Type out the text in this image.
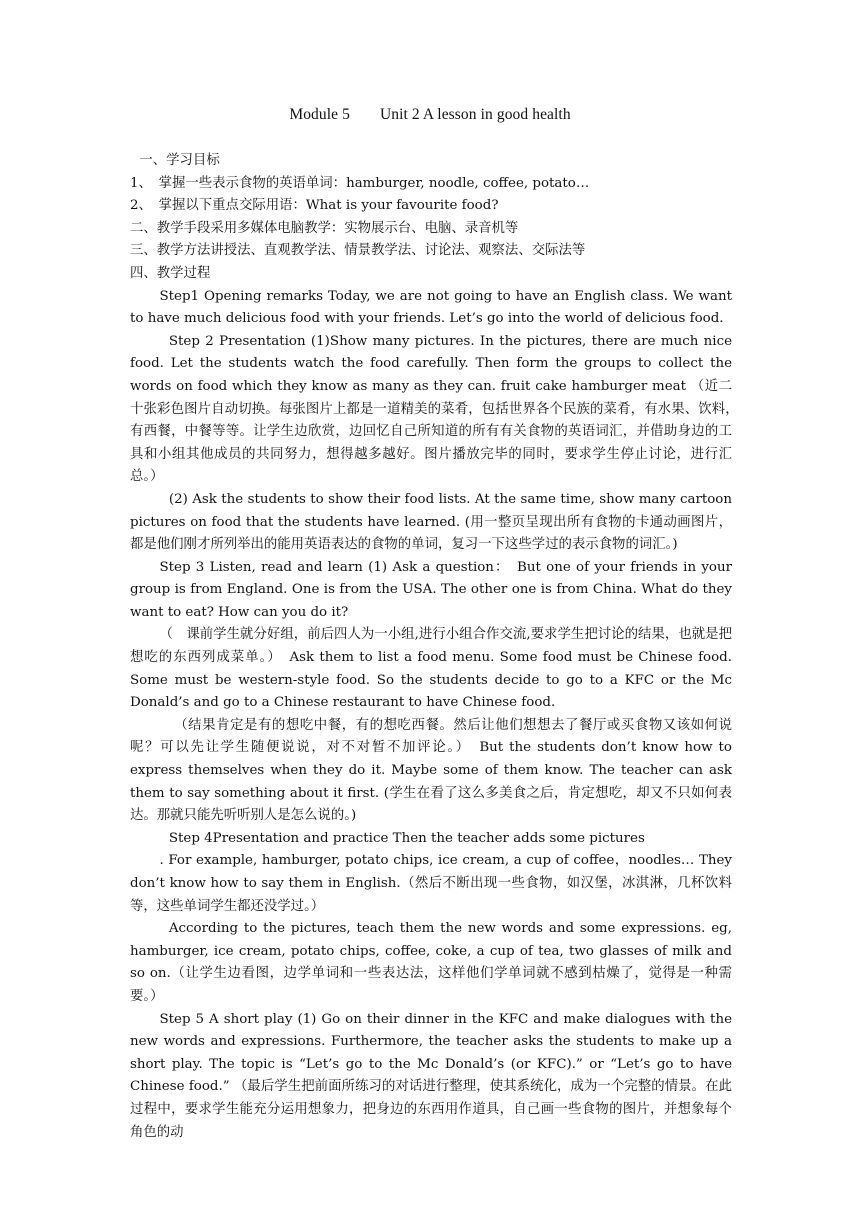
Module 5 Unit 2 A lesson in good health

一、学习目标

1、　掌握一些表示食物的英语单词：hamburger, noodle, coffee, potato…

2、　掌握以下重点交际用语：What is your favourite food?

二、教学手段采用多媒体电脑教学：实物展示台、电脑、录音机等

三、教学方法讲授法、直观教学法、情景教学法、讨论法、观察法、交际法等

四、教学过程

Step1 Opening remarks Today, we are not going to have an English class. We want to have much delicious food with your friends. Let’s go into the world of delicious food.

Step 2 Presentation (1)Show many pictures. In the pictures, there are much nice food. Let the students watch the food carefully. Then form the groups to collect the words on food which they know as many as they can. fruit cake hamburger meat （近二十张彩色图片自动切换。每张图片上都是一道精美的菜肴，包括世界各个民族的菜肴，有水果、饮料，　有西餐，中餐等等。让学生边欣赏，边回忆自己所知道的所有有关食物的英语词汇，并借助身边的工具和小组其他成员的共同努力，想得越多越好。图片播放完毕的同时，要求学生停止讨论，进行汇总。）

(2) Ask the students to show their food lists. At the same time, show many cartoon pictures on food that the students have learned. (用一整页呈现出所有食物的卡通动画图片，都是他们刚才所列举出的能用英语表达的食物的单词，复习一下这些学过的表示食物的词汇。)

Step 3 Listen, read and learn (1) Ask a question：　But one of your friends in your group is from England. One is from the USA. The other one is from China. What do they want to eat? How can you do it?

（　课前学生就分好组，前后四人为一小组,进行小组合作交流,要求学生把讨论的结果，也就是把想吃的东西列成菜单。）　Ask them to list a food menu. Some food must be Chinese food. Some must be western-style food. So the students decide to go to a KFC or the Mc Donald’s and go to a Chinese restaurant to have Chinese food.

（结果肯定是有的想吃中餐，有的想吃西餐。然后让他们想想去了餐厅或买食物又该如何说呢？可以先让学生随便说说，对不对暂不加评论。）　But the students don’t know how to express themselves when they do it. Maybe some of them know. The teacher can ask them to say something about it first. (学生在看了这么多美食之后，肯定想吃，却又不只如何表达。那就只能先听听别人是怎么说的。)

Step 4Presentation and practice Then the teacher adds some pictures

. For example, hamburger, potato chips, ice cream, a cup of coffee，noodles… They don’t know how to say them in English.（然后不断出现一些食物，如汉堡，冰淇淋，几杯饮料等，这些单词学生都还没学过。）

According to the pictures, teach them the new words and some expressions. eg, hamburger, ice cream, potato chips, coffee, coke, a cup of tea, two glasses of milk and so on.（让学生边看图，边学单词和一些表达法，这样他们学单词就不感到枯燥了，觉得是一种需要。）

Step 5 A short play (1) Go on their dinner in the KFC and make dialogues with the new words and expressions. Furthermore, the teacher asks the students to make up a short play. The topic is “Let’s go to the Mc Donald’s (or KFC).” or “Let’s go to have Chinese food.” （最后学生把前面所练习的对话进行整理，使其系统化，成为一个完整的情景。在此过程中，要求学生能充分运用想象力，把身边的东西用作道具，自己画一些食物的图片，并想象每个角色的动
